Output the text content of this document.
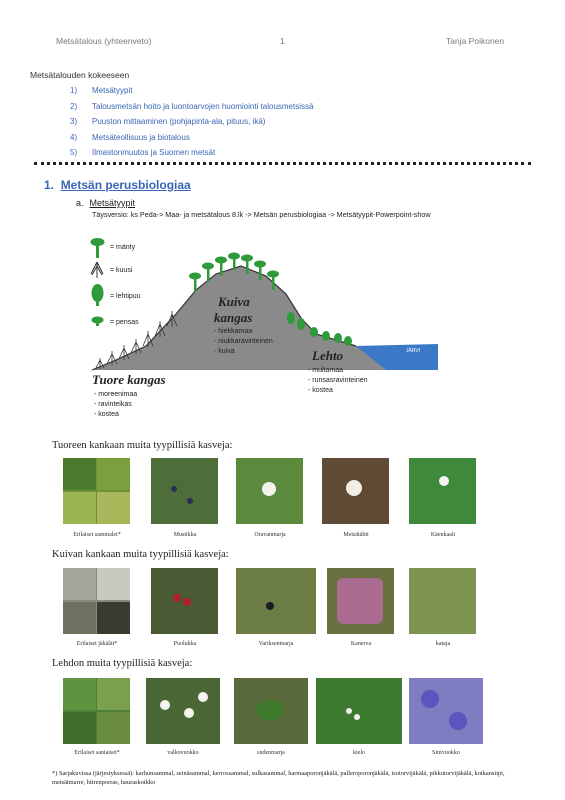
Metsätalous (yhteenveto)	1	Tanja Poikonen
Metsätalouden kokeeseen
1) Metsätyypit
2) Talousmetsän hoito ja luontoarvojen huomiointi talousmetsissä
3) Puuston mittaaminen (pohjapinta-ala, pituus, ikä)
4) Metsäteollisuus ja biotalous
5) Ilmastonmuutos ja Suomen metsät
1. Metsän perusbiologiaa
a. Metsätyypit
Täysversio: ks Peda-> Maa- ja metsätalous 8.lk -> Metsän perusbiologiaa -> Metsätyypit-Powerpoint-show
= mänty
= kuusi
= lehtipuu
= pensas
JÄRVI
Kuiva
kangas
- hiekkamaa
- niukkaravinteinen
- kuiva
Tuore kangas
- moreenimaa
- ravinteikas
- kostea
Lehto
- multamaa
- runsasravinteinen
- kostea
Tuoreen kankaan muita tyypillisiä kasveja:
Erilaiset sammalet*	Mustikka	Oravanmarja	Metsätähti	Käenkaali
Kuivan kankaan muita tyypillisiä kasveja:
Erilaiset jäkälät*	Puolukka	Variksenmarja	Kanerva	kataja
Lehdon muita tyypillisiä kasveja:
Erilaiset saniaiset*	valkovuokko	sudenmarja	kielo	Sinivuokko
*) Sarjakuvissa (järjestyksessä): karhunsammal, seinäsammal, kerrossammal, sulkasammal, harmaaporonjäkälä, palleroporonjäkälä, isotorvijäkälä, pikkutorvijäkälä, kotkansiipi, metsäimarre, hiirenporras, hauraskoikko
